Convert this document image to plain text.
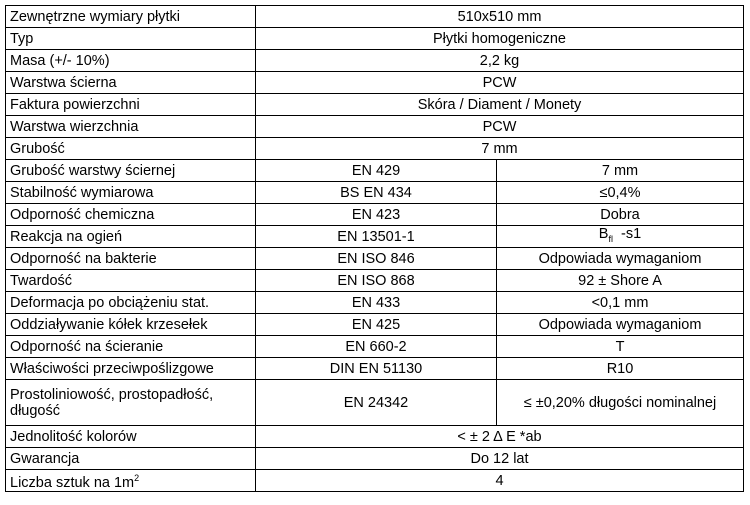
Zewnętrzne wymiary płytki	510x510 mm	
Typ	Płytki homogeniczne	
Masa (+/- 10%)	2,2 kg	
Warstwa ścierna	PCW	
Faktura powierzchni	Skóra / Diament / Monety	
Warstwa wierzchnia	PCW	
Grubość	7 mm	
Grubość warstwy ściernej	EN 429	7 mm
Stabilność wymiarowa	BS EN 434	≤0,4%
Odporność chemiczna	EN 423	Dobra
Reakcja na ogień	EN 13501-1	$B_{fl}$ -s1
Odporność na bakterie	EN ISO 846	Odpowiada wymaganiom
Twardość	EN ISO 868	92 ± Shore A
Deformacja po obciążeniu stat.	EN 433	<0,1 mm
Oddziaływanie kółek krzesełek	EN 425	Odpowiada wymaganiom
Odporność na ścieranie	EN 660-2	T
Właściwości przeciwpoślizgowe	DIN EN 51130	R10
Prostoliniowość, prostopadłość, długość	EN 24342	≤ ±0,20% długości nominalnej
Jednolitość kolorów	< ± 2 Δ E *ab	
Gwarancja	Do 12 lat	
Liczba sztuk na $1m^2$	4	
